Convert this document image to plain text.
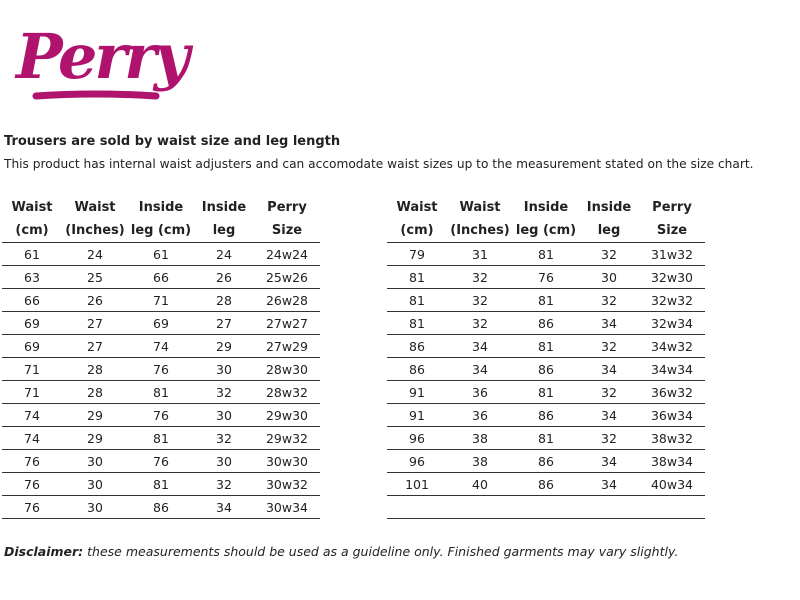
Perry
Trousers are sold by waist size and leg length
This product has internal waist adjusters and can accomodate waist sizes up to the measurement stated on the size chart.
Waist	Waist	Inside	Inside	Perry
(cm)	(Inches)	leg (cm)	leg	Size
61	24	61	24	24w24
63	25	66	26	25w26
66	26	71	28	26w28
69	27	69	27	27w27
69	27	74	29	27w29
71	28	76	30	28w30
71	28	81	32	28w32
74	29	76	30	29w30
74	29	81	32	29w32
76	30	76	30	30w30
76	30	81	32	30w32
76	30	86	34	30w34
Waist	Waist	Inside	Inside	Perry
(cm)	(Inches)	leg (cm)	leg	Size
79	31	81	32	31w32
81	32	76	30	32w30
81	32	81	32	32w32
81	32	86	34	32w34
86	34	81	32	34w32
86	34	86	34	34w34
91	36	81	32	36w32
91	36	86	34	36w34
96	38	81	32	38w32
96	38	86	34	38w34
101	40	86	34	40w34

Disclaimer: these measurements should be used as a guideline only. Finished garments may vary slightly.
